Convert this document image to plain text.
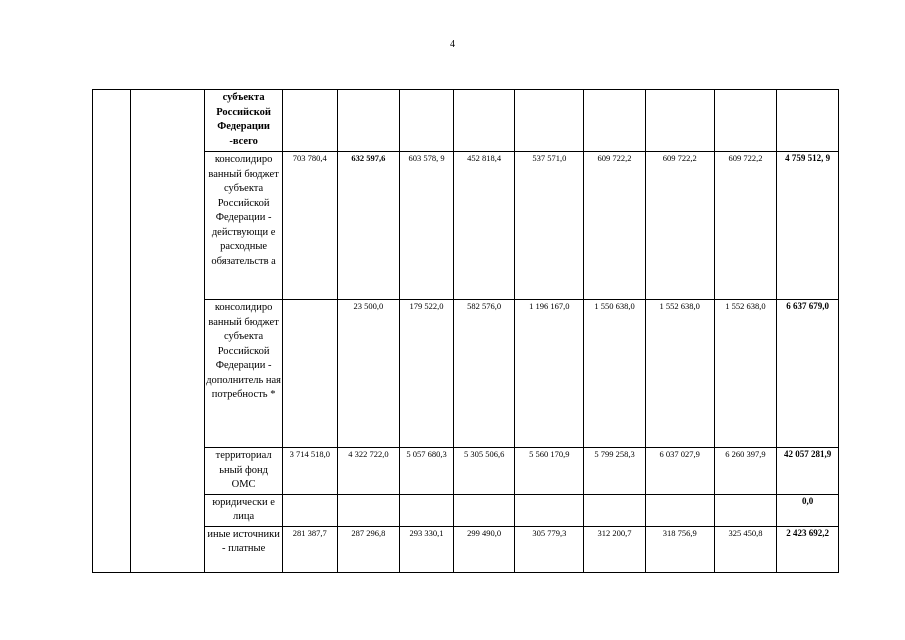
4
		субъекта Российской Федерации -всего									
		консолидиро ванный бюджет субъекта Российской Федерации - действующи е расходные обязательств а	703 780,4	632 597,6	603 578, 9	452 818,4	537 571,0	609 722,2	609 722,2	609 722,2	4 759 512, 9
		консолидиро ванный бюджет субъекта Российской Федерации - дополнитель ная потребность *		23 500,0	179 522,0	582 576,0	1 196 167,0	1 550 638,0	1 552 638,0	1 552 638,0	6 637 679,0
		территориал ьный фонд ОМС	3 714 518,0	4 322 722,0	5 057 680,3	5 305 506,6	5 560 170,9	5 799 258,3	6 037 027,9	6 260 397,9	42 057 281,9
		юридически е лица									0,0
		иные источники - платные	281 387,7	287 296,8	293 330,1	299 490,0	305 779,3	312 200,7	318 756,9	325 450,8	2 423 692,2
